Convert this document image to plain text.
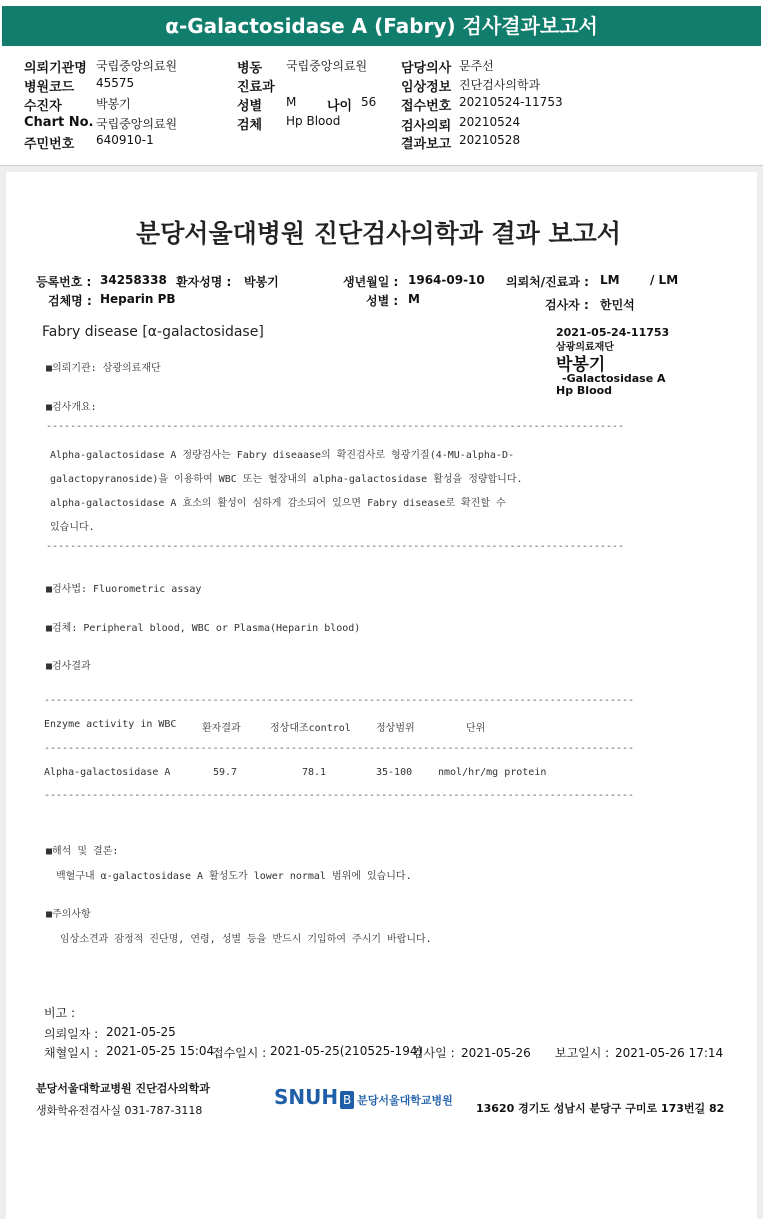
α-Galactosidase A (Fabry) 검사결과보고서
의뢰기관명 국립중앙의료원
병원코드 45575
수진자	박봉기
Chart No. 국립중앙의료원
주민번호 640910-1
병동 국립중앙의료원
진료과
성별 M 나이 56
검체 Hp Blood
담당의사 문주선
임상정보 진단검사의학과
접수번호 20210524-11753
검사의뢰 20210524
결과보고 20210528
분당서울대병원 진단검사의학과 결과 보고서
등록번호 : 34258338 환자성명 : 박봉기	생년월일 : 1964-09-10 의뢰처/진료과 : LM	/ LM
검체명 : Heparin PB	성별 : M	검사자 : 한민석
Fabry disease [α-galactosidase]	2021-05-24-11753
삼광의료재단
박봉기
-Galactosidase A
Hp Blood
■의뢰기관: 삼광의료재단
■검사개요:
------------------------------------------------------------------------------------------------
Alpha-galactosidase A 정량검사는 Fabry diseaase의 확진검사로 형광기질(4-MU-alpha-D-
galactopyranoside)을 이용하여 WBC 또는 혈장내의 alpha-galactosidase 활성을 정량합니다.
alpha-galactosidase A 효소의 활성이 심하게 감소되어 있으면 Fabry disease로 확진할 수
있습니다.
------------------------------------------------------------------------------------------------
■검사법: Fluorometric assay
■검체: Peripheral blood, WBC or Plasma(Heparin blood)
■검사결과
--------------------------------------------------------------------------------------------------
Enzyme activity in WBC	환자결과	정상대조control	정상범위	단위
--------------------------------------------------------------------------------------------------
Alpha-galactosidase A	59.7	78.1	35-100	nmol/hr/mg protein
--------------------------------------------------------------------------------------------------
■해석 및 결론:
백혈구내 α-galactosidase A 활성도가 lower normal 범위에 있습니다.
■주의사항
임상소견과 잠정적 진단명, 연령, 성별 등을 반드시 기입하여 주시기 바랍니다.
비고 :
의뢰일자 : 2021-05-25
채혈일시 : 2021-05-25 15:04
접수일시 : 2021-05-25(210525-194)
검사일 : 2021-05-26 보고일시 : 2021-05-26 17:14
분당서울대학교병원 진단검사의학과
생화학유전검사실 031-787-3118
SNUH B 분당서울대학교병원
13620 경기도 성남시 분당구 구미로 173번길 82
